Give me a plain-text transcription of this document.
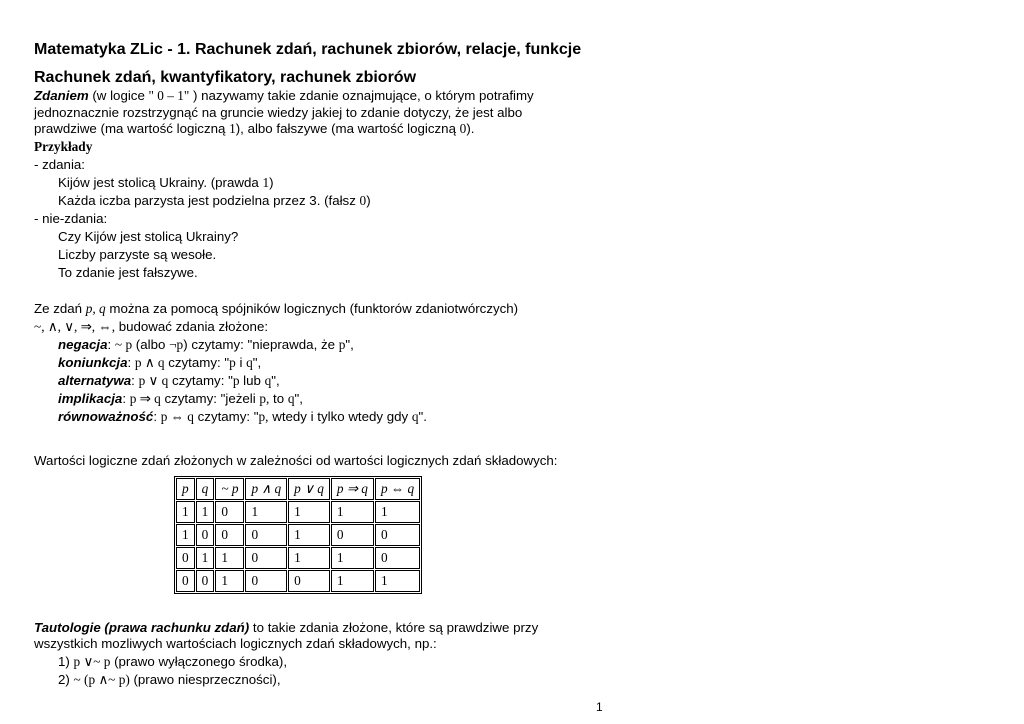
Matematyka ZLic - 1. Rachunek zdań, rachunek zbiorów, relacje, funkcje

Rachunek zdań, kwantyfikatory, rachunek zbiorów

Zdaniem (w logice " 0 – 1" ) nazywamy takie zdanie oznajmujące, o którym potrafimy
jednoznacznie rozstrzygnąć na gruncie wiedzy jakiej to zdanie dotyczy, że jest albo
prawdziwe (ma wartość logiczną 1), albo fałszywe (ma wartość logiczną 0).

Przykłady
- zdania:
Kijów jest stolicą Ukrainy. (prawda 1)
Każda iczba parzysta jest podzielna przez 3. (fałsz 0)
- nie-zdania:
Czy Kijów jest stolicą Ukrainy?
Liczby parzyste są wesołe.
To zdanie jest fałszywe.
Ze zdań p, q można za pomocą spójników logicznych (funktorów zdaniotwórczych)
~, ∧, ∨, ⇒, ⇔, budować zdania złożone:
negacja: ~ p (albo ¬p) czytamy: "nieprawda, że p",
koniunkcja: p ∧ q czytamy: "p i q",
alternatywa: p ∨ q czytamy: "p lub q",
implikacja: p ⇒ q czytamy: "jeżeli p, to q",
równoważność: p ⇔ q czytamy: "p, wtedy i tylko wtedy gdy q".
Wartości logiczne zdań złożonych w zależności od wartości logicznych zdań składowych:
p	q	~ p	p ∧ q	p ∨ q	p ⇒ q	p ⇔ q
1	1	0	1	1	1	1
1	0	0	0	1	0	0
0	1	1	0	1	1	0
0	0	1	0	0	1	1

Tautologie (prawa rachunku zdań) to takie zdania złożone, które są prawdziwe przy
wszystkich mozliwych wartościach logicznych zdań składowych, np.:

1) p ∨~ p (prawo wyłączonego środka),
2) ~ (p ∧~ p) (prawo niesprzeczności),
1
